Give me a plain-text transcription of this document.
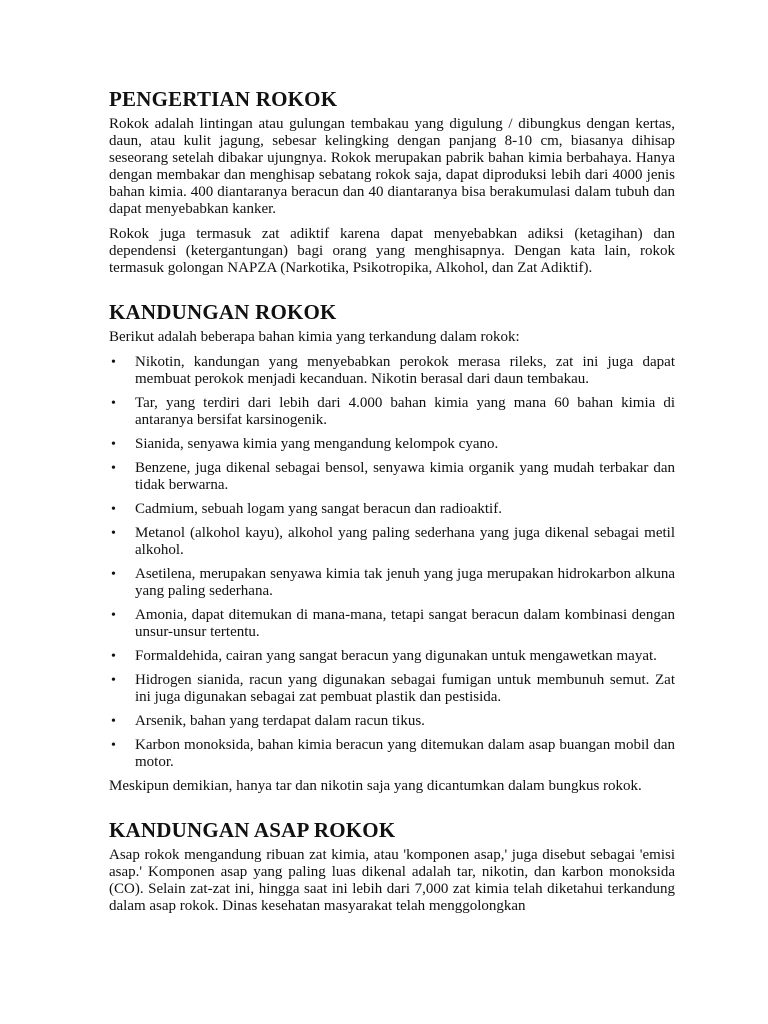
PENGERTIAN ROKOK

Rokok adalah lintingan atau gulungan tembakau yang digulung / dibungkus dengan kertas, daun, atau kulit jagung, sebesar kelingking dengan panjang 8-10 cm, biasanya dihisap seseorang setelah dibakar ujungnya. Rokok merupakan pabrik bahan kimia berbahaya. Hanya dengan membakar dan menghisap sebatang rokok saja, dapat diproduksi lebih dari 4000 jenis bahan kimia. 400 diantaranya beracun dan 40 diantaranya bisa berakumulasi dalam tubuh dan dapat menyebabkan kanker.

Rokok juga termasuk zat adiktif karena dapat menyebabkan adiksi (ketagihan) dan dependensi (ketergantungan) bagi orang yang menghisapnya. Dengan kata lain, rokok termasuk golongan NAPZA (Narkotika, Psikotropika, Alkohol, dan Zat Adiktif).

KANDUNGAN ROKOK

Berikut adalah beberapa bahan kimia yang terkandung dalam rokok:

• Nikotin, kandungan yang menyebabkan perokok merasa rileks, zat ini juga dapat membuat perokok menjadi kecanduan. Nikotin berasal dari daun tembakau.
• Tar, yang terdiri dari lebih dari 4.000 bahan kimia yang mana 60 bahan kimia di antaranya bersifat karsinogenik.
• Sianida, senyawa kimia yang mengandung kelompok cyano.
• Benzene, juga dikenal sebagai bensol, senyawa kimia organik yang mudah terbakar dan tidak berwarna.
• Cadmium, sebuah logam yang sangat beracun dan radioaktif.
• Metanol (alkohol kayu), alkohol yang paling sederhana yang juga dikenal sebagai metil alkohol.
• Asetilena, merupakan senyawa kimia tak jenuh yang juga merupakan hidrokarbon alkuna yang paling sederhana.
• Amonia, dapat ditemukan di mana-mana, tetapi sangat beracun dalam kombinasi dengan unsur-unsur tertentu.
• Formaldehida, cairan yang sangat beracun yang digunakan untuk mengawetkan mayat.
• Hidrogen sianida, racun yang digunakan sebagai fumigan untuk membunuh semut. Zat ini juga digunakan sebagai zat pembuat plastik dan pestisida.
• Arsenik, bahan yang terdapat dalam racun tikus.
• Karbon monoksida, bahan kimia beracun yang ditemukan dalam asap buangan mobil dan motor.

Meskipun demikian, hanya tar dan nikotin saja yang dicantumkan dalam bungkus rokok.

KANDUNGAN ASAP ROKOK

Asap rokok mengandung ribuan zat kimia, atau 'komponen asap,' juga disebut sebagai 'emisi asap.' Komponen asap yang paling luas dikenal adalah tar, nikotin, dan karbon monoksida (CO). Selain zat-zat ini, hingga saat ini lebih dari 7,000 zat kimia telah diketahui terkandung dalam asap rokok. Dinas kesehatan masyarakat telah menggolongkan
